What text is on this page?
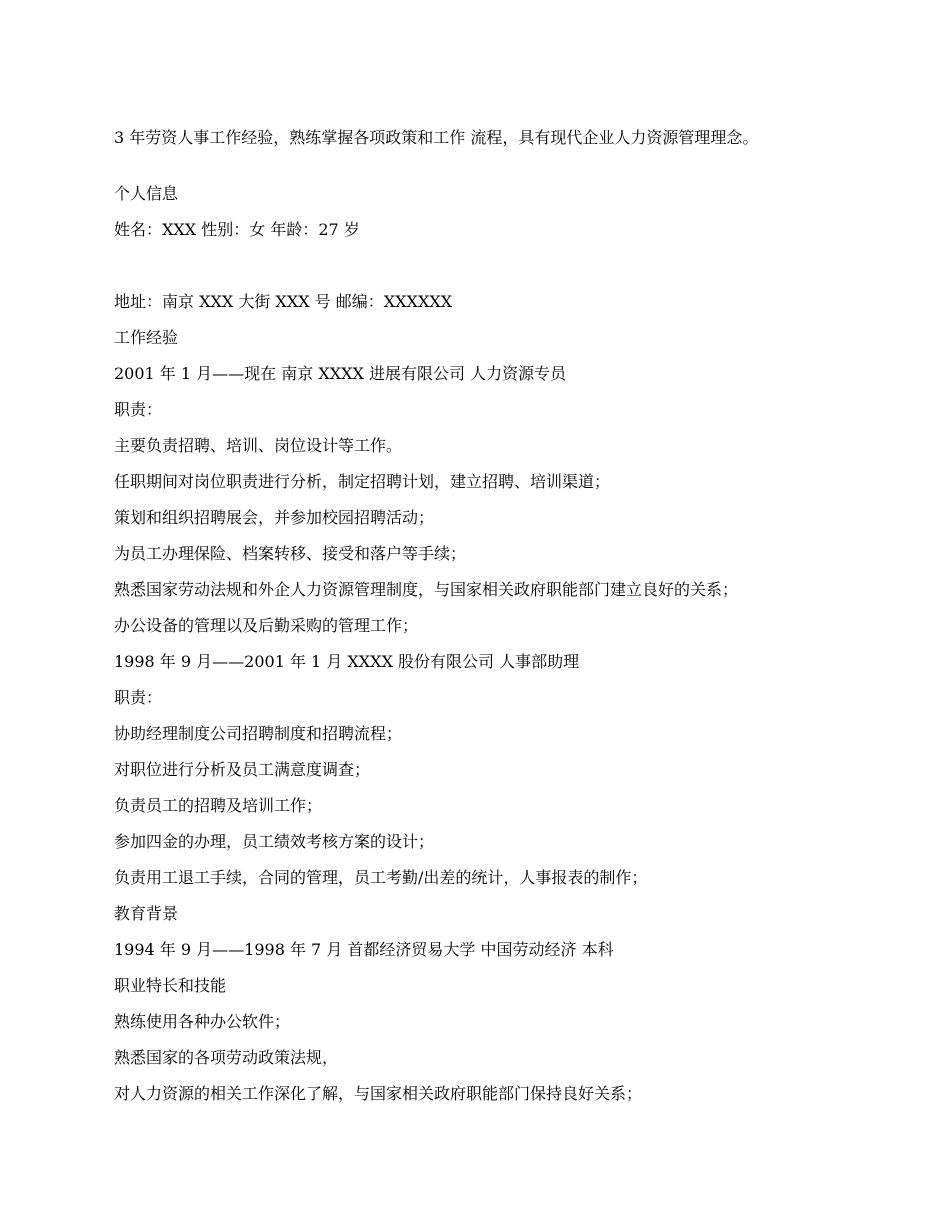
3 年劳资人事工作经验，熟练掌握各项政策和工作 流程，具有现代企业人力资源管理理念。
个人信息
姓名：XXX 性别：女 年龄：27 岁
地址：南京 XXX 大街 XXX 号 邮编：XXXXXX
工作经验
2001 年 1 月——现在 南京 XXXX 进展有限公司 人力资源专员
职责：
主要负责招聘、培训、岗位设计等工作。
任职期间对岗位职责进行分析，制定招聘计划，建立招聘、培训渠道；
策划和组织招聘展会，并参加校园招聘活动；
为员工办理保险、档案转移、接受和落户等手续；
熟悉国家劳动法规和外企人力资源管理制度，与国家相关政府职能部门建立良好的关系；
办公设备的管理以及后勤采购的管理工作；
1998 年 9 月——2001 年 1 月 XXXX 股份有限公司 人事部助理
职责：
协助经理制度公司招聘制度和招聘流程；
对职位进行分析及员工满意度调查；
负责员工的招聘及培训工作；
参加四金的办理，员工绩效考核方案的设计；
负责用工退工手续，合同的管理，员工考勤/出差的统计，人事报表的制作；
教育背景
1994 年 9 月——1998 年 7 月 首都经济贸易大学 中国劳动经济 本科
职业特长和技能
熟练使用各种办公软件；
熟悉国家的各项劳动政策法规，
对人力资源的相关工作深化了解，与国家相关政府职能部门保持良好关系；
